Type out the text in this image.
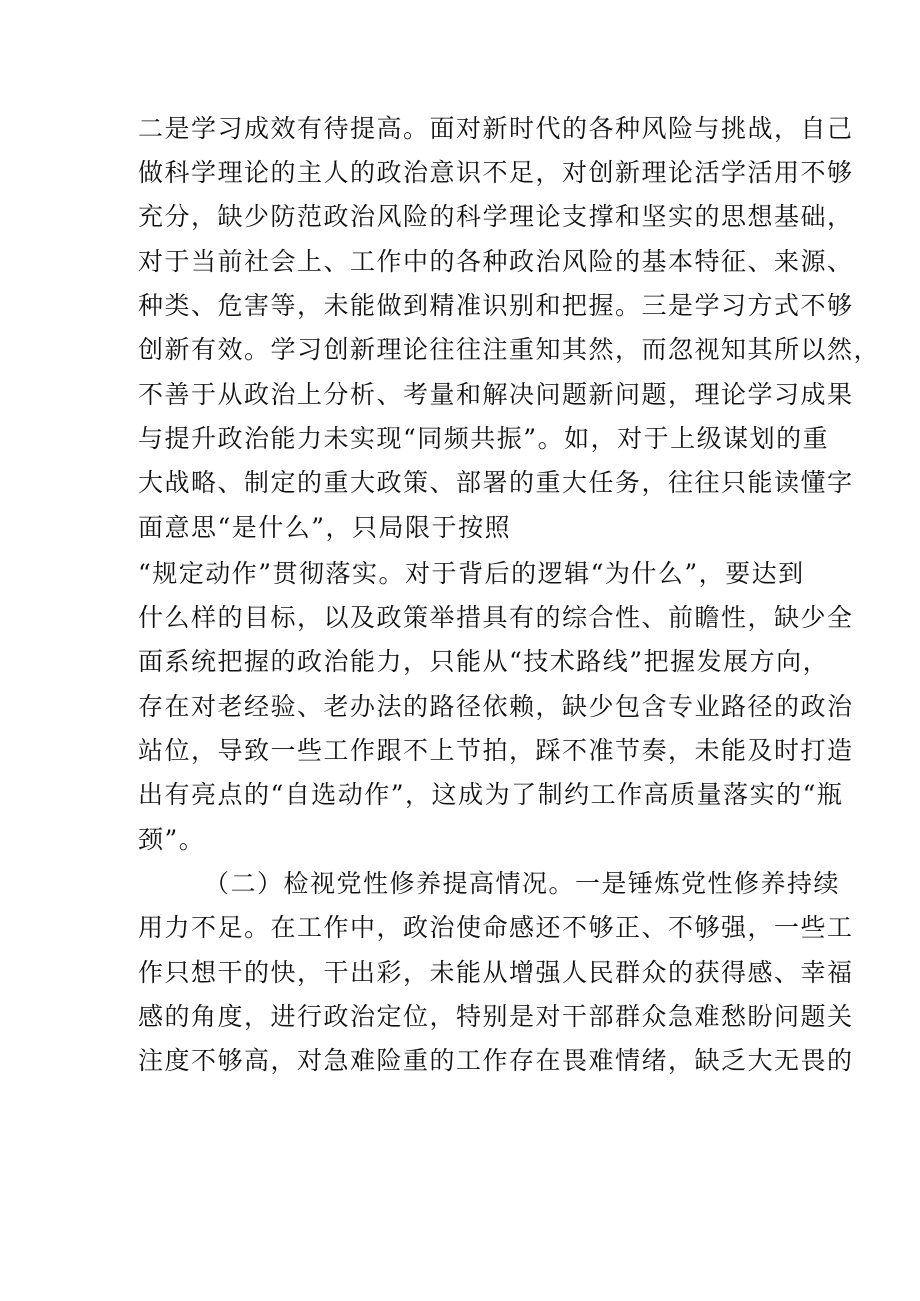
二是学习成效有待提高。面对新时代的各种风险与挑战，自己
做科学理论的主人的政治意识不足，对创新理论活学活用不够
充分，缺少防范政治风险的科学理论支撑和坚实的思想基础，
对于当前社会上、工作中的各种政治风险的基本特征、来源、
种类、危害等，未能做到精准识别和把握。三是学习方式不够
创新有效。学习创新理论往往注重知其然，而忽视知其所以然，
不善于从政治上分析、考量和解决问题新问题，理论学习成果
与提升政治能力未实现“同频共振”。如，对于上级谋划的重
大战略、制定的重大政策、部署的重大任务，往往只能读懂字
面意思“是什么”，只局限于按照
“规定动作”贯彻落实。对于背后的逻辑“为什么”，要达到
什么样的目标，以及政策举措具有的综合性、前瞻性，缺少全
面系统把握的政治能力，只能从“技术路线”把握发展方向，
存在对老经验、老办法的路径依赖，缺少包含专业路径的政治
站位，导致一些工作跟不上节拍，踩不准节奏，未能及时打造
出有亮点的“自选动作”，这成为了制约工作高质量落实的“瓶
颈”。
（二）检视党性修养提高情况。一是锤炼党性修养持续
用力不足。在工作中，政治使命感还不够正、不够强，一些工
作只想干的快，干出彩，未能从增强人民群众的获得感、幸福
感的角度，进行政治定位，特别是对干部群众急难愁盼问题关
注度不够高，对急难险重的工作存在畏难情绪，缺乏大无畏的
